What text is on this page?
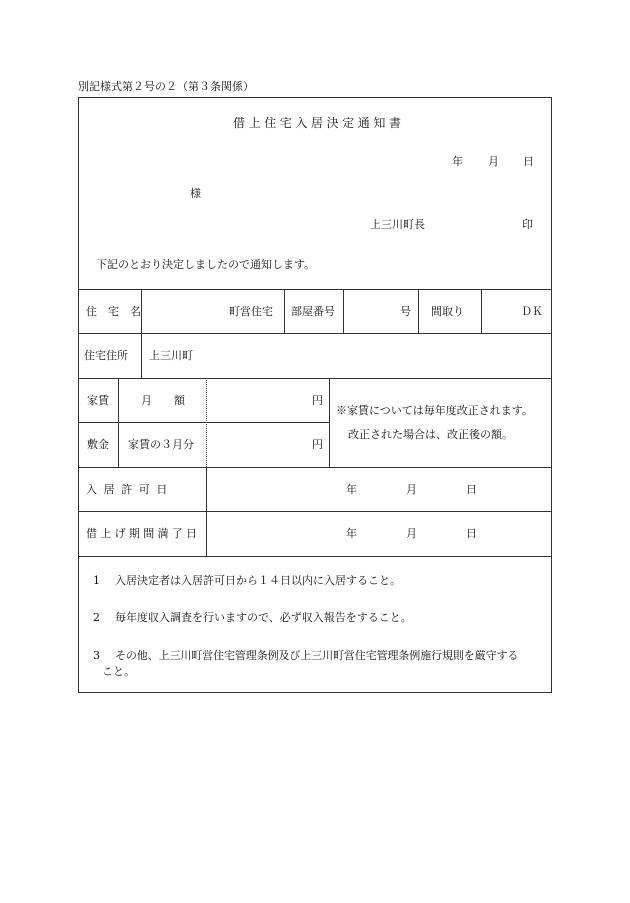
別記様式第２号の２（第３条関係）
借上住宅入居決定通知書
年 月 日
様
上三川町長	印
下記のとおり決定しましたので通知します。
住　宅　名	町営住宅 部屋番号	号 間取り	ＤＫ
住宅住所 上三川町
家賃	月　　額	円
※家賃については毎年度改正されます。
改正された場合は、改正後の額。
敷金 家賃の３月分	円
入居許可日	年	月	日
借上げ期間満了日	年	月	日
1 入居決定者は入居許可日から１４日以内に入居すること。
2 毎年度収入調査を行いますので、必ず収入報告をすること。
3 その他、上三川町営住宅管理条例及び上三川町営住宅管理条例施行規則を厳守する
こと。
